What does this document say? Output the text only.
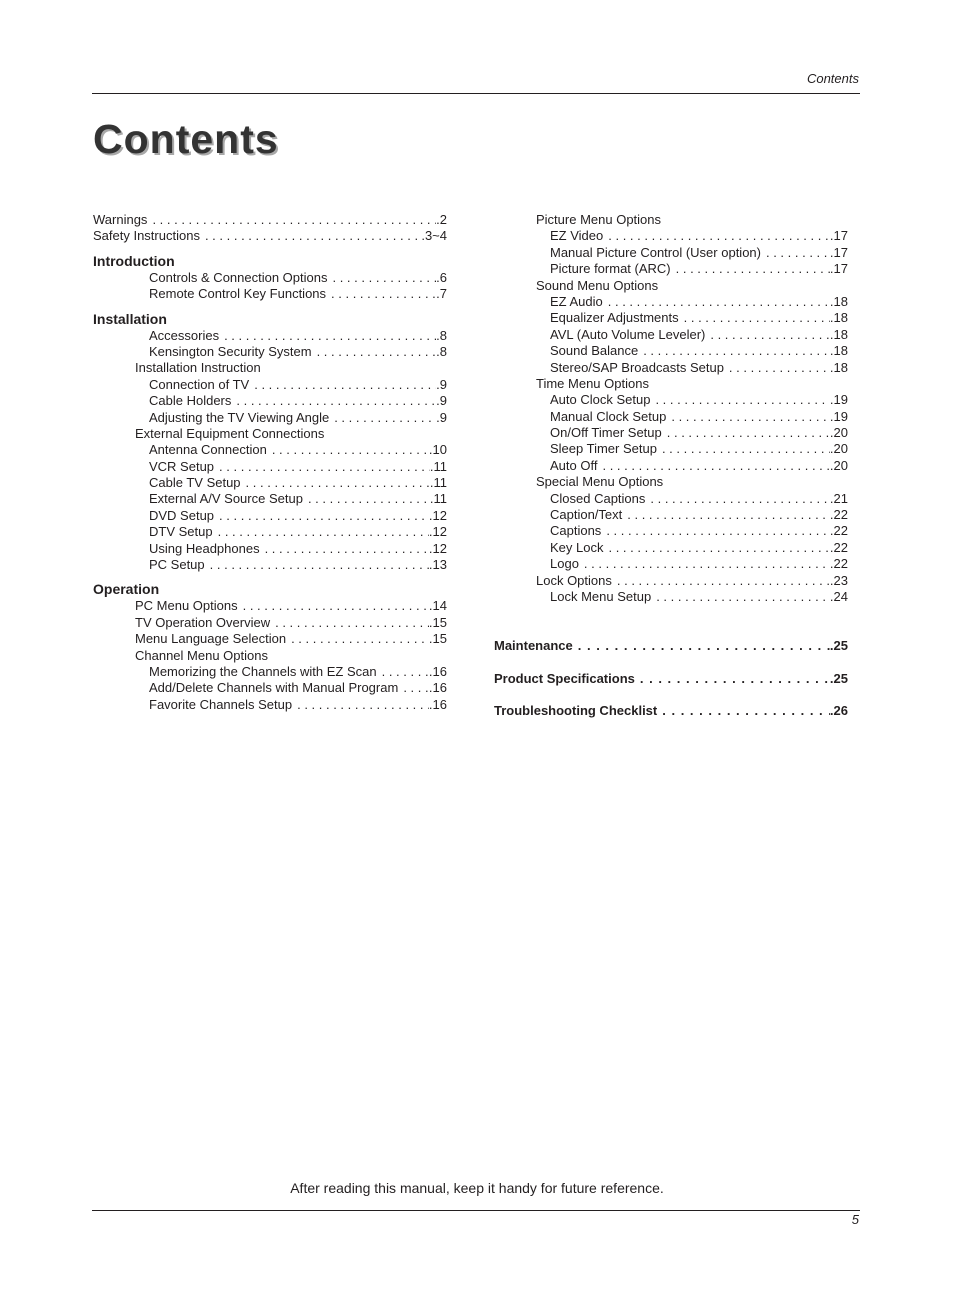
Contents
Contents
Warnings . . .	.2
Safety Instructions . . .	.3~4
Introduction
Controls & Connection Options . . .	.6
Remote Control Key Functions . . .	.7
Installation
Accessories . . .	.8
Kensington Security System . . .	.8
Installation Instruction
Connection of TV . . .	.9
Cable Holders . . .	.9
Adjusting the TV Viewing Angle . . .	.9
External Equipment Connections
Antenna Connection . . .	.10
VCR Setup . . .	.11
Cable TV Setup . . .	.11
External A/V Source Setup . . .	.11
DVD Setup . . .	.12
DTV Setup . . .	.12
Using Headphones . . .	.12
PC Setup . . .	.13
Operation
PC Menu Options . . .	.14
TV Operation Overview . . .	.15
Menu Language Selection . . .	.15
Channel Menu Options
Memorizing the Channels with EZ Scan . . .	.16
Add/Delete Channels with Manual Program . . .	.16
Favorite Channels Setup . . .	.16
Picture Menu Options
EZ Video . . .	.17
Manual Picture Control (User option) . . .	.17
Picture format (ARC) . . .	.17
Sound Menu Options
EZ Audio . . .	.18
Equalizer Adjustments . . .	.18
AVL (Auto Volume Leveler) . . .	.18
Sound Balance . . .	.18
Stereo/SAP Broadcasts Setup . . .	.18
Time Menu Options
Auto Clock Setup . . .	.19
Manual Clock Setup . . .	.19
On/Off Timer Setup . . .	.20
Sleep Timer Setup . . .	.20
Auto Off . . .	.20
Special Menu Options
Closed Captions . . .	.21
Caption/Text . . .	.22
Captions . . .	.22
Key Lock . . .	.22
Logo . . .	.22
Lock Options . . .	.23
Lock Menu Setup . . .	.24
Maintenance . . .	.25
Product Specifications . . .	.25
Troubleshooting Checklist . . .	.26
After reading this manual, keep it handy for future reference.
5
